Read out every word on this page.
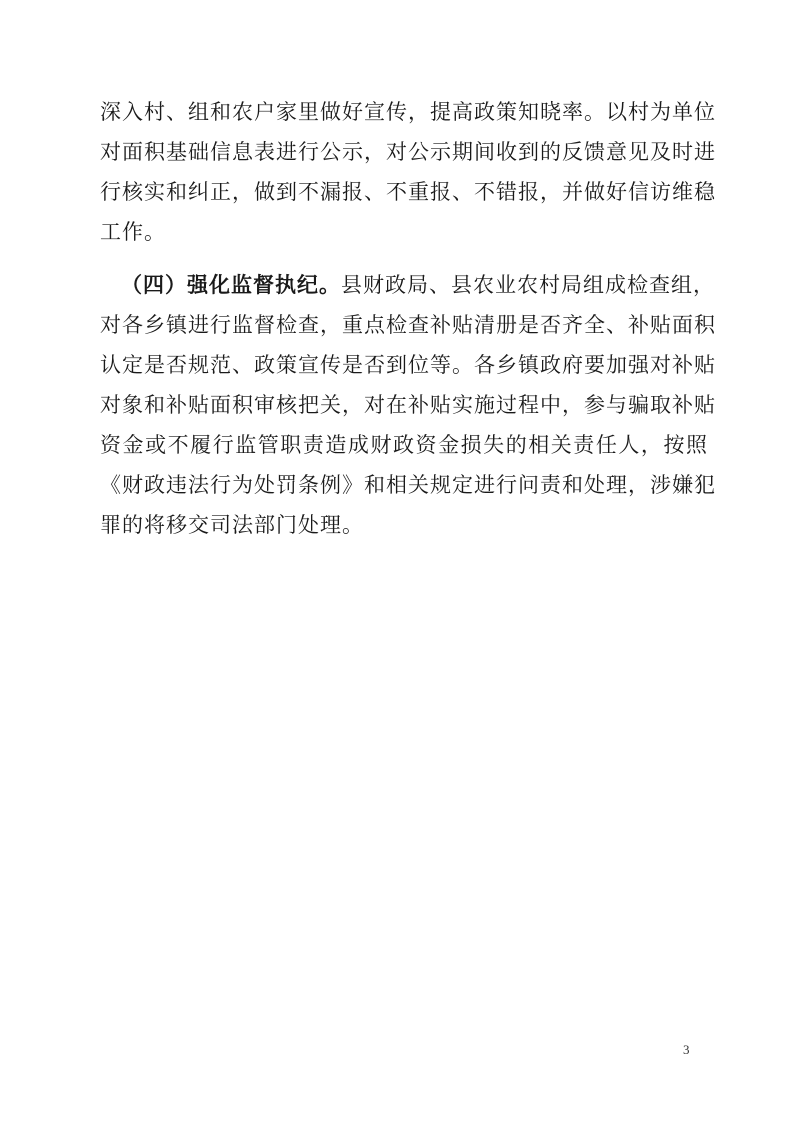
深入村、组和农户家里做好宣传，提高政策知晓率。以村为单位
对面积基础信息表进行公示，对公示期间收到的反馈意见及时进
行核实和纠正，做到不漏报、不重报、不错报，并做好信访维稳
工作。
（四）强化监督执纪。县财政局、县农业农村局组成检查组，
对各乡镇进行监督检查，重点检查补贴清册是否齐全、补贴面积
认定是否规范、政策宣传是否到位等。各乡镇政府要加强对补贴
对象和补贴面积审核把关，对在补贴实施过程中，参与骗取补贴
资金或不履行监管职责造成财政资金损失的相关责任人，按照
《财政违法行为处罚条例》和相关规定进行问责和处理，涉嫌犯
罪的将移交司法部门处理。
3
